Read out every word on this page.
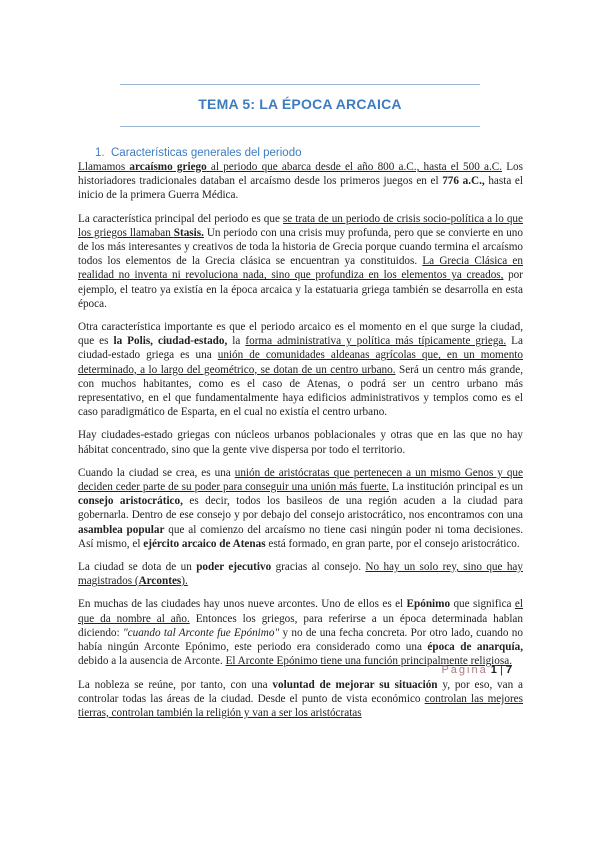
TEMA 5: LA ÉPOCA ARCAICA
1. Características generales del periodo

Llamamos arcaísmo griego al periodo que abarca desde el año 800 a.C., hasta el 500 a.C. Los historiadores tradicionales databan el arcaísmo desde los primeros juegos en el 776 a.C., hasta el inicio de la primera Guerra Médica.

La característica principal del periodo es que se trata de un periodo de crisis socio-política a lo que los griegos llamaban Stasis. Un periodo con una crisis muy profunda, pero que se convierte en uno de los más interesantes y creativos de toda la historia de Grecia porque cuando termina el arcaísmo todos los elementos de la Grecia clásica se encuentran ya constituidos. La Grecia Clásica en realidad no inventa ni revoluciona nada, sino que profundiza en los elementos ya creados, por ejemplo, el teatro ya existía en la época arcaica y la estatuaria griega también se desarrolla en esta época.

Otra característica importante es que el periodo arcaico es el momento en el que surge la ciudad, que es la Polis, ciudad-estado, la forma administrativa y política más típicamente griega. La ciudad-estado griega es una unión de comunidades aldeanas agrícolas que, en un momento determinado, a lo largo del geométrico, se dotan de un centro urbano. Será un centro más grande, con muchos habitantes, como es el caso de Atenas, o podrá ser un centro urbano más representativo, en el que fundamentalmente haya edificios administrativos y templos como es el caso paradigmático de Esparta, en el cual no existía el centro urbano.

Hay ciudades-estado griegas con núcleos urbanos poblacionales y otras que en las que no hay hábitat concentrado, sino que la gente vive dispersa por todo el territorio.

Cuando la ciudad se crea, es una unión de aristócratas que pertenecen a un mismo Genos y que deciden ceder parte de su poder para conseguir una unión más fuerte. La institución principal es un consejo aristocrático, es decir, todos los basileos de una región acuden a la ciudad para gobernarla. Dentro de ese consejo y por debajo del consejo aristocrático, nos encontramos con una asamblea popular que al comienzo del arcaísmo no tiene casi ningún poder ni toma decisiones. Así mismo, el ejército arcaico de Atenas está formado, en gran parte, por el consejo aristocrático.

La ciudad se dota de un poder ejecutivo gracias al consejo. No hay un solo rey, sino que hay magistrados (Arcontes).

En muchas de las ciudades hay unos nueve arcontes. Uno de ellos es el Epónimo que significa el que da nombre al año. Entonces los griegos, para referirse a un época determinada hablan diciendo: "cuando tal Arconte fue Epónimo" y no de una fecha concreta. Por otro lado, cuando no había ningún Arconte Epónimo, este periodo era considerado como una época de anarquía, debido a la ausencia de Arconte. El Arconte Epónimo tiene una función principalmente religiosa.

La nobleza se reúne, por tanto, con una voluntad de mejorar su situación y, por eso, van a controlar todas las áreas de la ciudad. Desde el punto de vista económico controlan las mejores tierras, controlan también la religión y van a ser los aristócratas

Página 1 | 7
